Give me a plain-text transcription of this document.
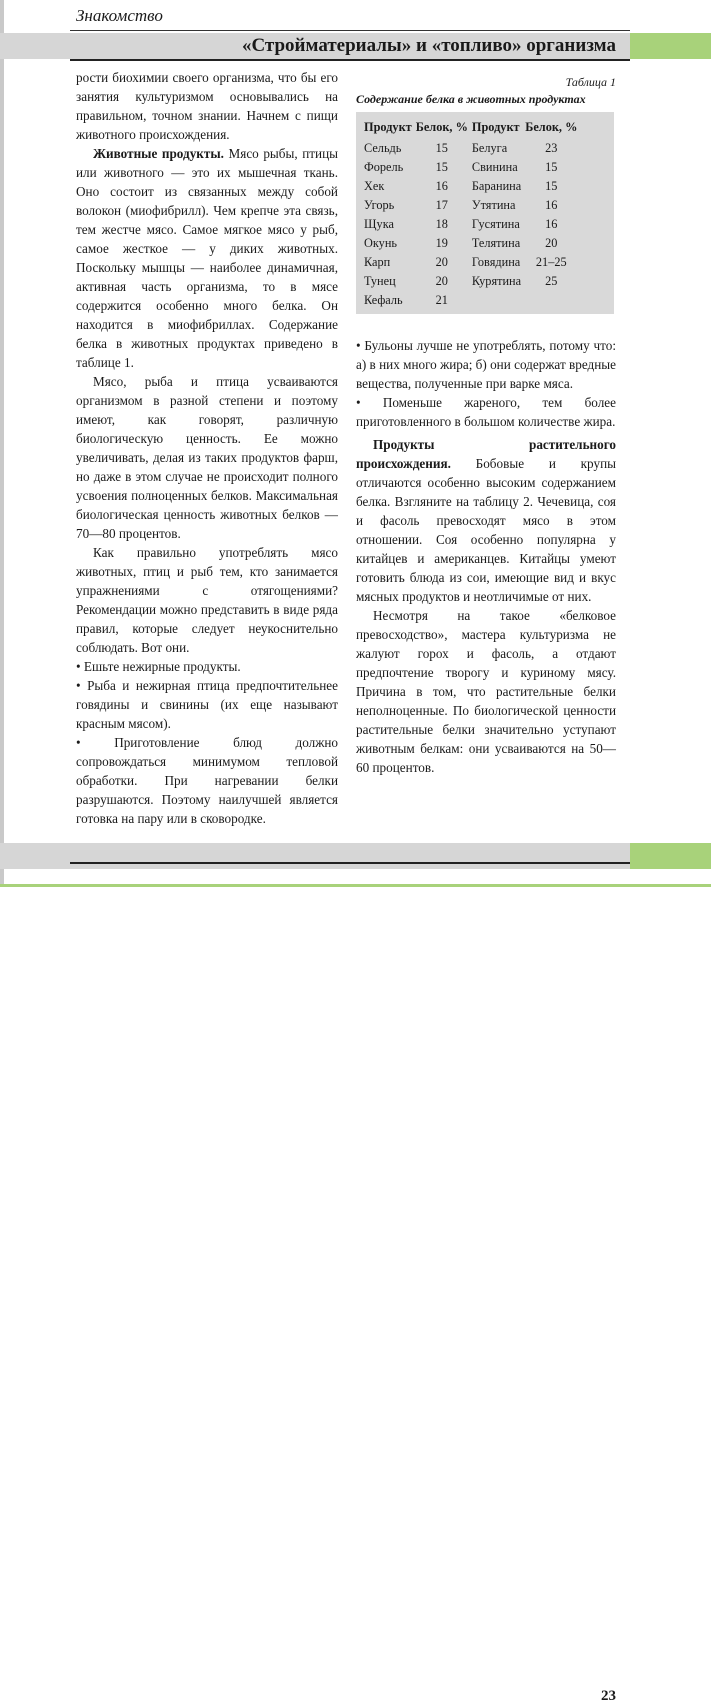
Знакомство
«Стройматериалы» и «топливо» организма

рости биохимии своего организма, что бы его занятия культуризмом основывались на правильном, точном знании. Начнем с пищи животного происхождения.

Животные продукты. Мясо рыбы, птицы или животного — это их мышечная ткань. Оно состоит из связанных между собой волокон (миофибрилл). Чем крепче эта связь, тем жестче мясо. Самое мягкое мясо у рыб, самое жесткое — у диких животных. Поскольку мышцы — наиболее динамичная, активная часть организма, то в мясе содержится особенно много белка. Он находится в миофибриллах. Содержание белка в животных продуктах приведено в таблице 1.

Мясо, рыба и птица усваиваются организмом в разной степени и поэтому имеют, как говорят, различную биологическую ценность. Ее можно увеличивать, делая из таких продуктов фарш, но даже в этом случае не происходит полного усвоения полноценных белков. Максимальная биологическая ценность животных белков — 70—80 процентов.

Как правильно употреблять мясо животных, птиц и рыб тем, кто занимается упражнениями с отягощениями? Рекомендации можно представить в виде ряда правил, которые следует неукоснительно соблюдать. Вот они.

• Ешьте нежирные продукты.

• Рыба и нежирная птица предпочтительнее говядины и свинины (их еще называют красным мясом).

• Приготовление блюд должно сопровождаться минимумом тепловой обработки. При нагревании белки разрушаются. Поэтому наилучшей является готовка на пару или в сковородке.

Таблица 1
Содержание белка в животных продуктах
Продукт	Белок, %	Продукт	Белок, %
Сельдь	15	Белуга	23
Форель	15	Свинина	15
Хек	16	Баранина	15
Угорь	17	Утятина	16
Щука	18	Гусятина	16
Окунь	19	Телятина	20
Карп	20	Говядина	21–25
Тунец	20	Курятина	25
Кефаль	21		

• Бульоны лучше не употреблять, потому что: а) в них много жира; б) они содержат вредные вещества, полученные при варке мяса.

• Поменьше жареного, тем более приготовленного в большом количестве жира.

Продукты растительного происхождения. Бобовые и крупы отличаются особенно высоким содержанием белка. Взгляните на таблицу 2. Чечевица, соя и фасоль превосходят мясо в этом отношении. Соя особенно популярна у китайцев и американцев. Китайцы умеют готовить блюда из сои, имеющие вид и вкус мясных продуктов и неотличимые от них.

Несмотря на такое «белковое превосходство», мастера культуризма не жалуют горох и фасоль, а отдают предпочтение творогу и куриному мясу. Причина в том, что растительные белки неполноценные. По биологической ценности растительные белки значительно уступают животным белкам: они усваиваются на 50—60 процентов.

23
